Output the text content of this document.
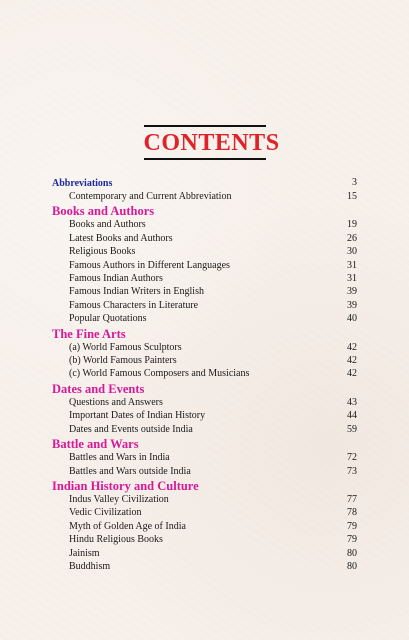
CONTENTS
Abbreviations	3
Contemporary and Current Abbreviation	15
Books and Authors
Books and Authors	19
Latest Books and Authors	26
Religious Books	30
Famous Authors in Different Languages	31
Famous Indian Authors	31
Famous Indian Writers in English	39
Famous Characters in Literature	39
Popular Quotations	40
The Fine Arts
(a) World Famous Sculptors	42
(b) World Famous Painters	42
(c) World Famous Composers and Musicians	42
Dates and Events
Questions and Answers	43
Important Dates of Indian History	44
Dates and Events outside India	59
Battle and Wars
Battles and Wars in India	72
Battles and Wars outside India	73
Indian History and Culture
Indus Valley Civilization	77
Vedic Civilization	78
Myth of Golden Age of India	79
Hindu Religious Books	79
Jainism	80
Buddhism	80
